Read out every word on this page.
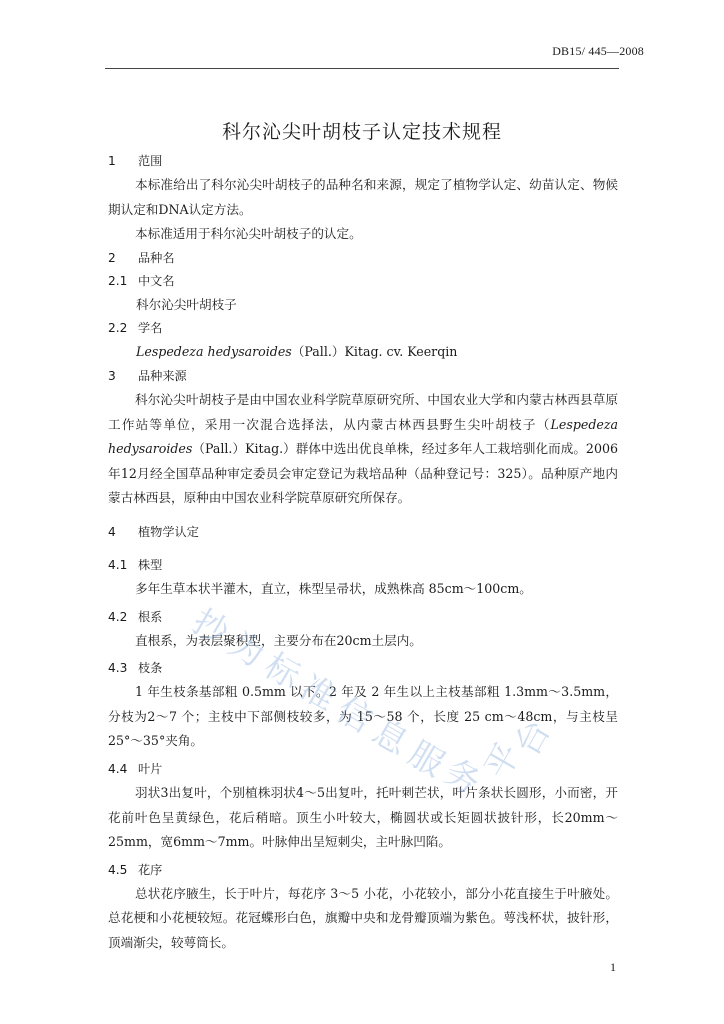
DB15/ 445—2008
科尔沁尖叶胡枝子认定技术规程
1 范围
本标准给出了科尔沁尖叶胡枝子的品种名和来源，规定了植物学认定、幼苗认定、物候期认定和DNA认定方法。
本标准适用于科尔沁尖叶胡枝子的认定。
2 品种名
2.1 中文名
科尔沁尖叶胡枝子
2.2 学名
Lespedeza hedysaroides（Pall.）Kitag. cv. Keerqin
3 品种来源
科尔沁尖叶胡枝子是由中国农业科学院草原研究所、中国农业大学和内蒙古林西县草原工作站等单位，采用一次混合选择法，从内蒙古林西县野生尖叶胡枝子（Lespedeza hedysaroides（Pall.）Kitag.）群体中选出优良单株，经过多年人工栽培驯化而成。2006年12月经全国草品种审定委员会审定登记为栽培品种（品种登记号：325）。品种原产地内蒙古林西县，原种由中国农业科学院草原研究所保存。
4 植物学认定
4.1 株型
多年生草本状半灌木，直立，株型呈帚状，成熟株高 85cm～100cm。
4.2 根系
直根系，为表层聚积型，主要分布在20cm土层内。
4.3 枝条
1 年生枝条基部粗 0.5mm 以下。2 年及 2 年生以上主枝基部粗 1.3mm～3.5mm，分枝为2～7 个；主枝中下部侧枝较多，为 15～58 个，长度 25 cm～48cm，与主枝呈 25°～35°夹角。
4.4 叶片
羽状3出复叶，个别植株羽状4～5出复叶，托叶刺芒状，叶片条状长圆形，小而密，开花前叶色呈黄绿色，花后稍暗。顶生小叶较大，椭圆状或长矩圆状披针形，长20mm～25mm，宽6mm～7mm。叶脉伸出呈短刺尖，主叶脉凹陷。
4.5 花序
总状花序腋生，长于叶片，每花序 3～5 小花，小花较小，部分小花直接生于叶腋处。总花梗和小花梗较短。花冠蝶形白色，旗瓣中央和龙骨瓣顶端为紫色。萼浅杯状，披针形，顶端渐尖，较萼筒长。
抄
为
标
准
信
息
服
务
平
台
1
